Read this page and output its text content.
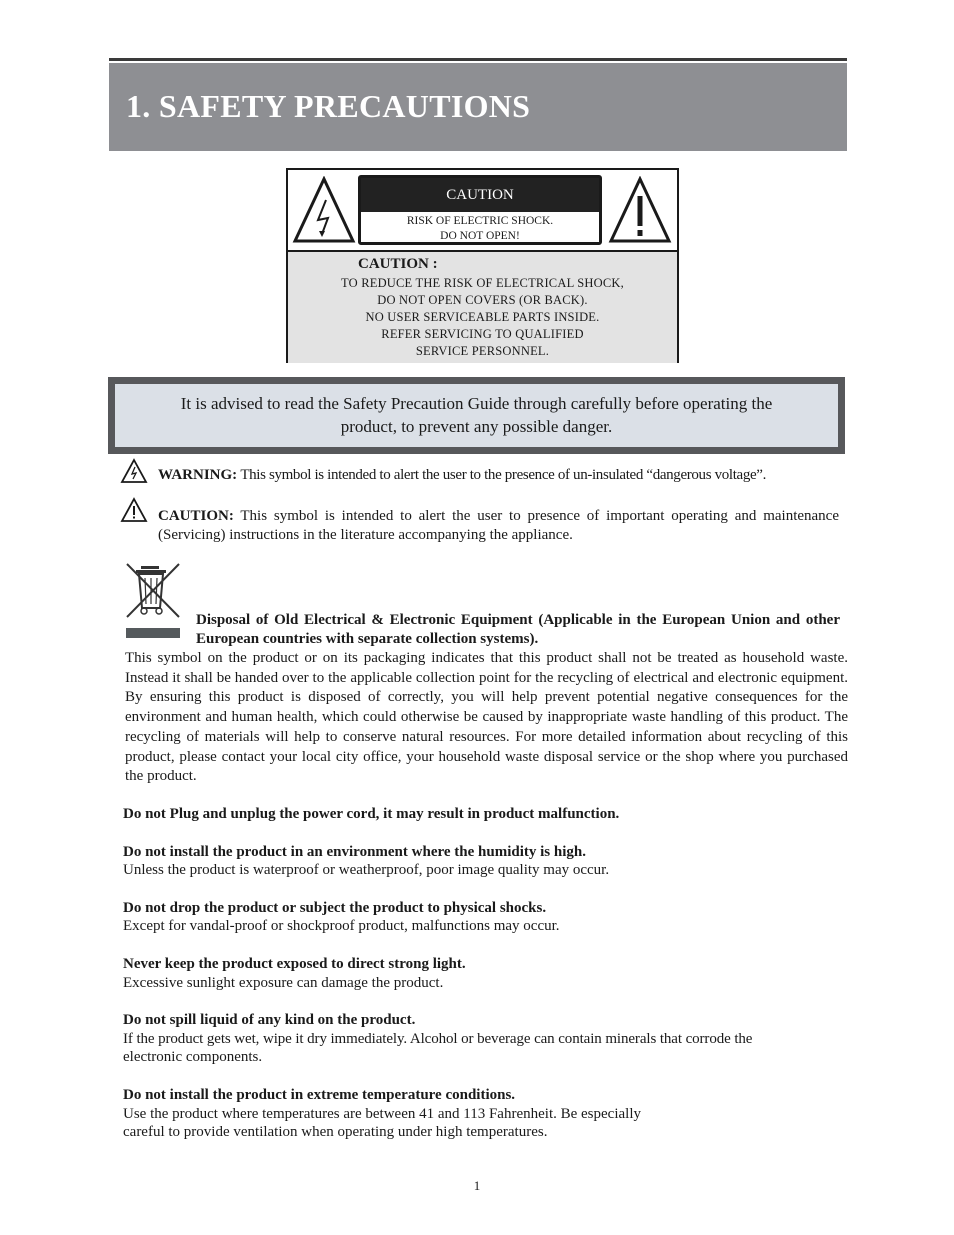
1. SAFETY PRECAUTIONS
CAUTION
RISK OF ELECTRIC SHOCK.
DO NOT OPEN!
CAUTION :
TO REDUCE THE RISK OF ELECTRICAL SHOCK,
DO NOT OPEN COVERS (OR BACK).
NO USER SERVICEABLE PARTS INSIDE.
REFER SERVICING TO QUALIFIED
SERVICE PERSONNEL.

It is advised to read the Safety Precaution Guide through carefully before operating the
product, to prevent any possible danger.

WARNING: This symbol is intended to alert the user to the presence of un-insulated “dangerous voltage”.

CAUTION: This symbol is intended to alert the user to presence of important operating and maintenance (Servicing) instructions in the literature accompanying the appliance.

Disposal of Old Electrical & Electronic Equipment (Applicable in the European Union and other European countries with separate collection systems).

This symbol on the product or on its packaging indicates that this product shall not be treated as household waste. Instead it shall be handed over to the applicable collection point for the recycling of electrical and electronic equipment. By ensuring this product is disposed of correctly, you will help prevent potential negative consequences for the environment and human health, which could otherwise be caused by inappropriate waste handling of this product. The recycling of materials will help to conserve natural resources. For more detailed information about recycling of this product, please contact your local city office, your household waste disposal service or the shop where you purchased the product.

Do not Plug and unplug the power cord, it may result in product malfunction.

Do not install the product in an environment where the humidity is high.

Unless the product is waterproof or weatherproof, poor image quality may occur.

Do not drop the product or subject the product to physical shocks.

Except for vandal-proof or shockproof product, malfunctions may occur.

Never keep the product exposed to direct strong light.

Excessive sunlight exposure can damage the product.

Do not spill liquid of any kind on the product.

If the product gets wet, wipe it dry immediately. Alcohol or beverage can contain minerals that corrode the

electronic components.

Do not install the product in extreme temperature conditions.

Use the product where temperatures are between 41 and 113 Fahrenheit. Be especially

careful to provide ventilation when operating under high temperatures.

1
